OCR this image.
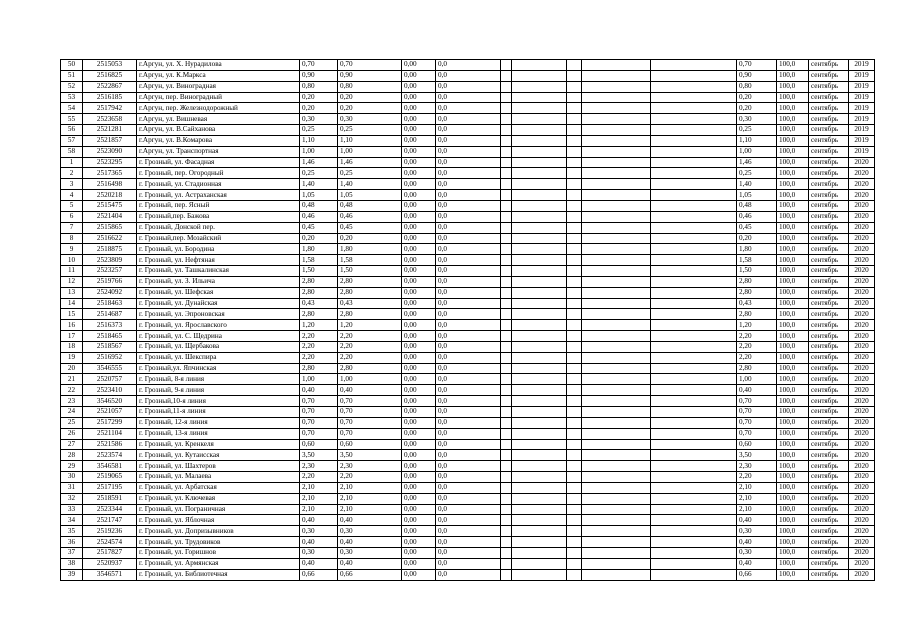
50	2515053	г.Аргун, ул. Х. Нурадилова	0,70	0,70	0,00	0,0						0,70	100,0	сентябрь	2019
51	2516825	г.Аргун, ул. К.Маркса	0,90	0,90	0,00	0,0						0,90	100,0	сентябрь	2019
52	2522867	г.Аргун, ул. Виноградная	0,80	0,80	0,00	0,0						0,80	100,0	сентябрь	2019
53	2516185	г.Аргун, пер. Виноградный	0,20	0,20	0,00	0,0						0,20	100,0	сентябрь	2019
54	2517942	г.Аргун, пер. Железнодорожный	0,20	0,20	0,00	0,0						0,20	100,0	сентябрь	2019
55	2523658	г.Аргун, ул. Вишневая	0,30	0,30	0,00	0,0						0,30	100,0	сентябрь	2019
56	2521281	г.Аргун, ул. В.Сайханова	0,25	0,25	0,00	0,0						0,25	100,0	сентябрь	2019
57	2521857	г.Аргун, ул. В.Комарова	1,10	1,10	0,00	0,0						1,10	100,0	сентябрь	2019
58	2523090	г.Аргун, ул. Транспортная	1,00	1,00	0,00	0,0						1,00	100,0	сентябрь	2019
1	2523295	г. Грозный, ул. Фасадная	1,46	1,46	0,00	0,0						1,46	100,0	сентябрь	2020
2	2517365	г. Грозный, пер. Огородный	0,25	0,25	0,00	0,0						0,25	100,0	сентябрь	2020
3	2516498	г. Грозный, ул. Стадионная	1,40	1,40	0,00	0,0						1,40	100,0	сентябрь	2020
4	2520218	г. Грозный, ул. Астраханская	1,05	1,05	0,00	0,0						1,05	100,0	сентябрь	2020
5	2515475	г. Грозный, пер. Ясный	0,48	0,48	0,00	0,0						0,48	100,0	сентябрь	2020
6	2521404	г. Грозный,пер. Бажова	0,46	0,46	0,00	0,0						0,46	100,0	сентябрь	2020
7	2515865	г. Грозный, Донской пер.	0,45	0,45	0,00	0,0						0,45	100,0	сентябрь	2020
8	2516622	г. Грозный,пер. Мозайский	0,20	0,20	0,00	0,0						0,20	100,0	сентябрь	2020
9	2518875	г. Грозный, ул. Бородина	1,80	1,80	0,00	0,0						1,80	100,0	сентябрь	2020
10	2523809	г. Грозный, ул. Нефтяная	1,58	1,58	0,00	0,0						1,58	100,0	сентябрь	2020
11	2523257	г. Грозный, ул. Ташкалинская	1,50	1,50	0,00	0,0						1,50	100,0	сентябрь	2020
12	2519766	г. Грозный, ул. З. Ильича	2,80	2,80	0,00	0,0						2,80	100,0	сентябрь	2020
13	2524092	г. Грозный, ул. Шефская	2,80	2,80	0,00	0,0						2,80	100,0	сентябрь	2020
14	2518463	г. Грозный, ул. Дунайская	0,43	0,43	0,00	0,0						0,43	100,0	сентябрь	2020
15	2514687	г. Грозный, ул. Эпроновская	2,80	2,80	0,00	0,0						2,80	100,0	сентябрь	2020
16	2516373	г. Грозный, ул. Ярославского	1,20	1,20	0,00	0,0						1,20	100,0	сентябрь	2020
17	2518465	г. Грозный, ул. С. Щедрина	2,20	2,20	0,00	0,0						2,20	100,0	сентябрь	2020
18	2518567	г. Грозный, ул. Щербакова	2,20	2,20	0,00	0,0						2,20	100,0	сентябрь	2020
19	2516952	г. Грозный, ул. Шекспира	2,20	2,20	0,00	0,0						2,20	100,0	сентябрь	2020
20	3546555	г. Грозный,ул. Япчинская	2,80	2,80	0,00	0,0						2,80	100,0	сентябрь	2020
21	2520757	г. Грозный, 8-я линия	1,00	1,00	0,00	0,0						1,00	100,0	сентябрь	2020
22	2523410	г. Грозный, 9-я линия	0,40	0,40	0,00	0,0						0,40	100,0	сентябрь	2020
23	3546520	г. Грозный,10-я линия	0,70	0,70	0,00	0,0						0,70	100,0	сентябрь	2020
24	2521057	г. Грозный,11-я линия	0,70	0,70	0,00	0,0						0,70	100,0	сентябрь	2020
25	2517299	г. Грозный, 12-я линия	0,70	0,70	0,00	0,0						0,70	100,0	сентябрь	2020
26	2521104	г. Грозный, 13-я линия	0,70	0,70	0,00	0,0						0,70	100,0	сентябрь	2020
27	2521586	г. Грозный, ул. Кренкеля	0,60	0,60	0,00	0,0						0,60	100,0	сентябрь	2020
28	2523574	г. Грозный, ул. Кутаисская	3,50	3,50	0,00	0,0						3,50	100,0	сентябрь	2020
29	3546581	г. Грозный, ул. Шахтеров	2,30	2,30	0,00	0,0						2,30	100,0	сентябрь	2020
30	2519065	г. Грозный, ул. Малаева	2,20	2,20	0,00	0,0						2,20	100,0	сентябрь	2020
31	2517195	г. Грозный, ул. Арбатская	2,10	2,10	0,00	0,0						2,10	100,0	сентябрь	2020
32	2518591	г. Грозный, ул. Ключевая	2,10	2,10	0,00	0,0						2,10	100,0	сентябрь	2020
33	2523344	г. Грозный, ул. Пограничная	2,10	2,10	0,00	0,0						2,10	100,0	сентябрь	2020
34	2521747	г. Грозный, ул. Яблочная	0,40	0,40	0,00	0,0						0,40	100,0	сентябрь	2020
35	2519236	г. Грозный, ул. Допризывников	0,30	0,30	0,00	0,0						0,30	100,0	сентябрь	2020
36	2524574	г. Грозный, ул. Трудовиков	0,40	0,40	0,00	0,0						0,40	100,0	сентябрь	2020
37	2517827	г. Грозный, ул. Горишнов	0,30	0,30	0,00	0,0						0,30	100,0	сентябрь	2020
38	2520937	г. Грозный, ул. Армянская	0,40	0,40	0,00	0,0						0,40	100,0	сентябрь	2020
39	3546571	г. Грозный, ул. Библиотечная	0,66	0,66	0,00	0,0						0,66	100,0	сентябрь	2020
